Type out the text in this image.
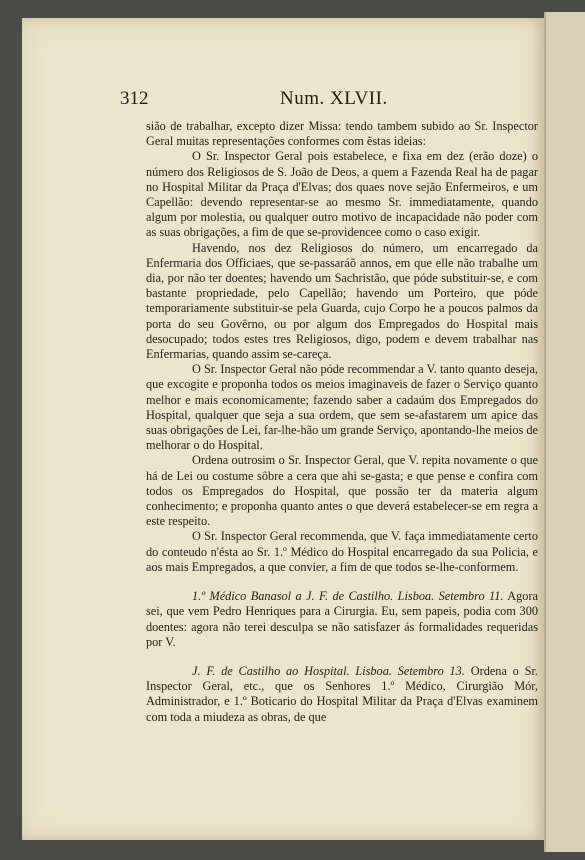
312	Num. XLVII.

sião de trabalhar, excepto dizer Missa: tendo tambem subido ao Sr. Inspector Geral muitas representações conformes com ẽstas ideias:

O Sr. Inspector Geral pois estabelece, e fixa em dez (erão doze) o número dos Religiosos de S. João de Deos, a quem a Fazenda Real ha de pagar no Hospital Militar da Praça d'Elvas; dos quaes nove sejão Enfermeiros, e um Capellão: devendo representar-se ao mesmo Sr. immediatamente, quando algum por molestia, ou qualquer outro motivo de incapacidade não poder com as suas obrigações, a fim de que se-providencee como o caso exigir.

Havendo, nos dez Religiosos do número, um encarregado da Enfermaria dos Officiaes, que se-passaráõ annos, em que elle não trabalhe um dia, por não ter doentes; havendo um Sachristão, que póde substituir-se, e com bastante propriedade, pelo Capellão; havendo um Porteiro, que póde temporariamente substituir-se pela Guarda, cujo Corpo he a poucos palmos da porta do seu Govêrno, ou por algum dos Empregados do Hospital mais desocupado; todos estes tres Religiosos, digo, podem e devem trabalhar nas Enfermarias, quando assim se-careça.

O Sr. Inspector Geral não póde recommendar a V. tanto quanto deseja, que excogite e proponha todos os meios imaginaveis de fazer o Serviço quanto melhor e mais economicamente; fazendo saber a cadaúm dos Empregados do Hospital, qualquer que seja a sua ordem, que sem se-afastarem um apice das suas obrigações de Lei, far-lhe-hão um grande Serviço, apontando-lhe meios de melhorar o do Hospital.

Ordena outrosim o Sr. Inspector Geral, que V. repita novamente o que há de Lei ou costume sôbre a cera que ahi se-gasta; e que pense e confira com todos os Empregados do Hospital, que possão ter da materia algum conhecimento; e proponha quanto antes o que deverá estabelecer-se em regra a este respeito.

O Sr. Inspector Geral recommenda, que V. faça immediatamente certo do conteudo n'ésta ao Sr. 1.º Médico do Hospital encarregado da sua Policia, e aos mais Empregados, a que convier, a fim de que todos se-lhe-conformem.

1.º Médico Banasol a J. F. de Castilho. Lisboa. Setembro 11. Agora sei, que vem Pedro Henriques para a Cirurgia. Eu, sem papeis, podia com 300 doentes: agora não terei desculpa se não satisfazer ás formalidades requeridas por V.

J. F. de Castilho ao Hospital. Lisboa. Setembro 13. Ordena o Sr. Inspector Geral, etc., que os Senhores 1.º Médico, Cirurgião Mór, Administrador, e 1.º Boticario do Hospital Militar da Praça d'Elvas examinem com toda a miudeza as obras, de que
